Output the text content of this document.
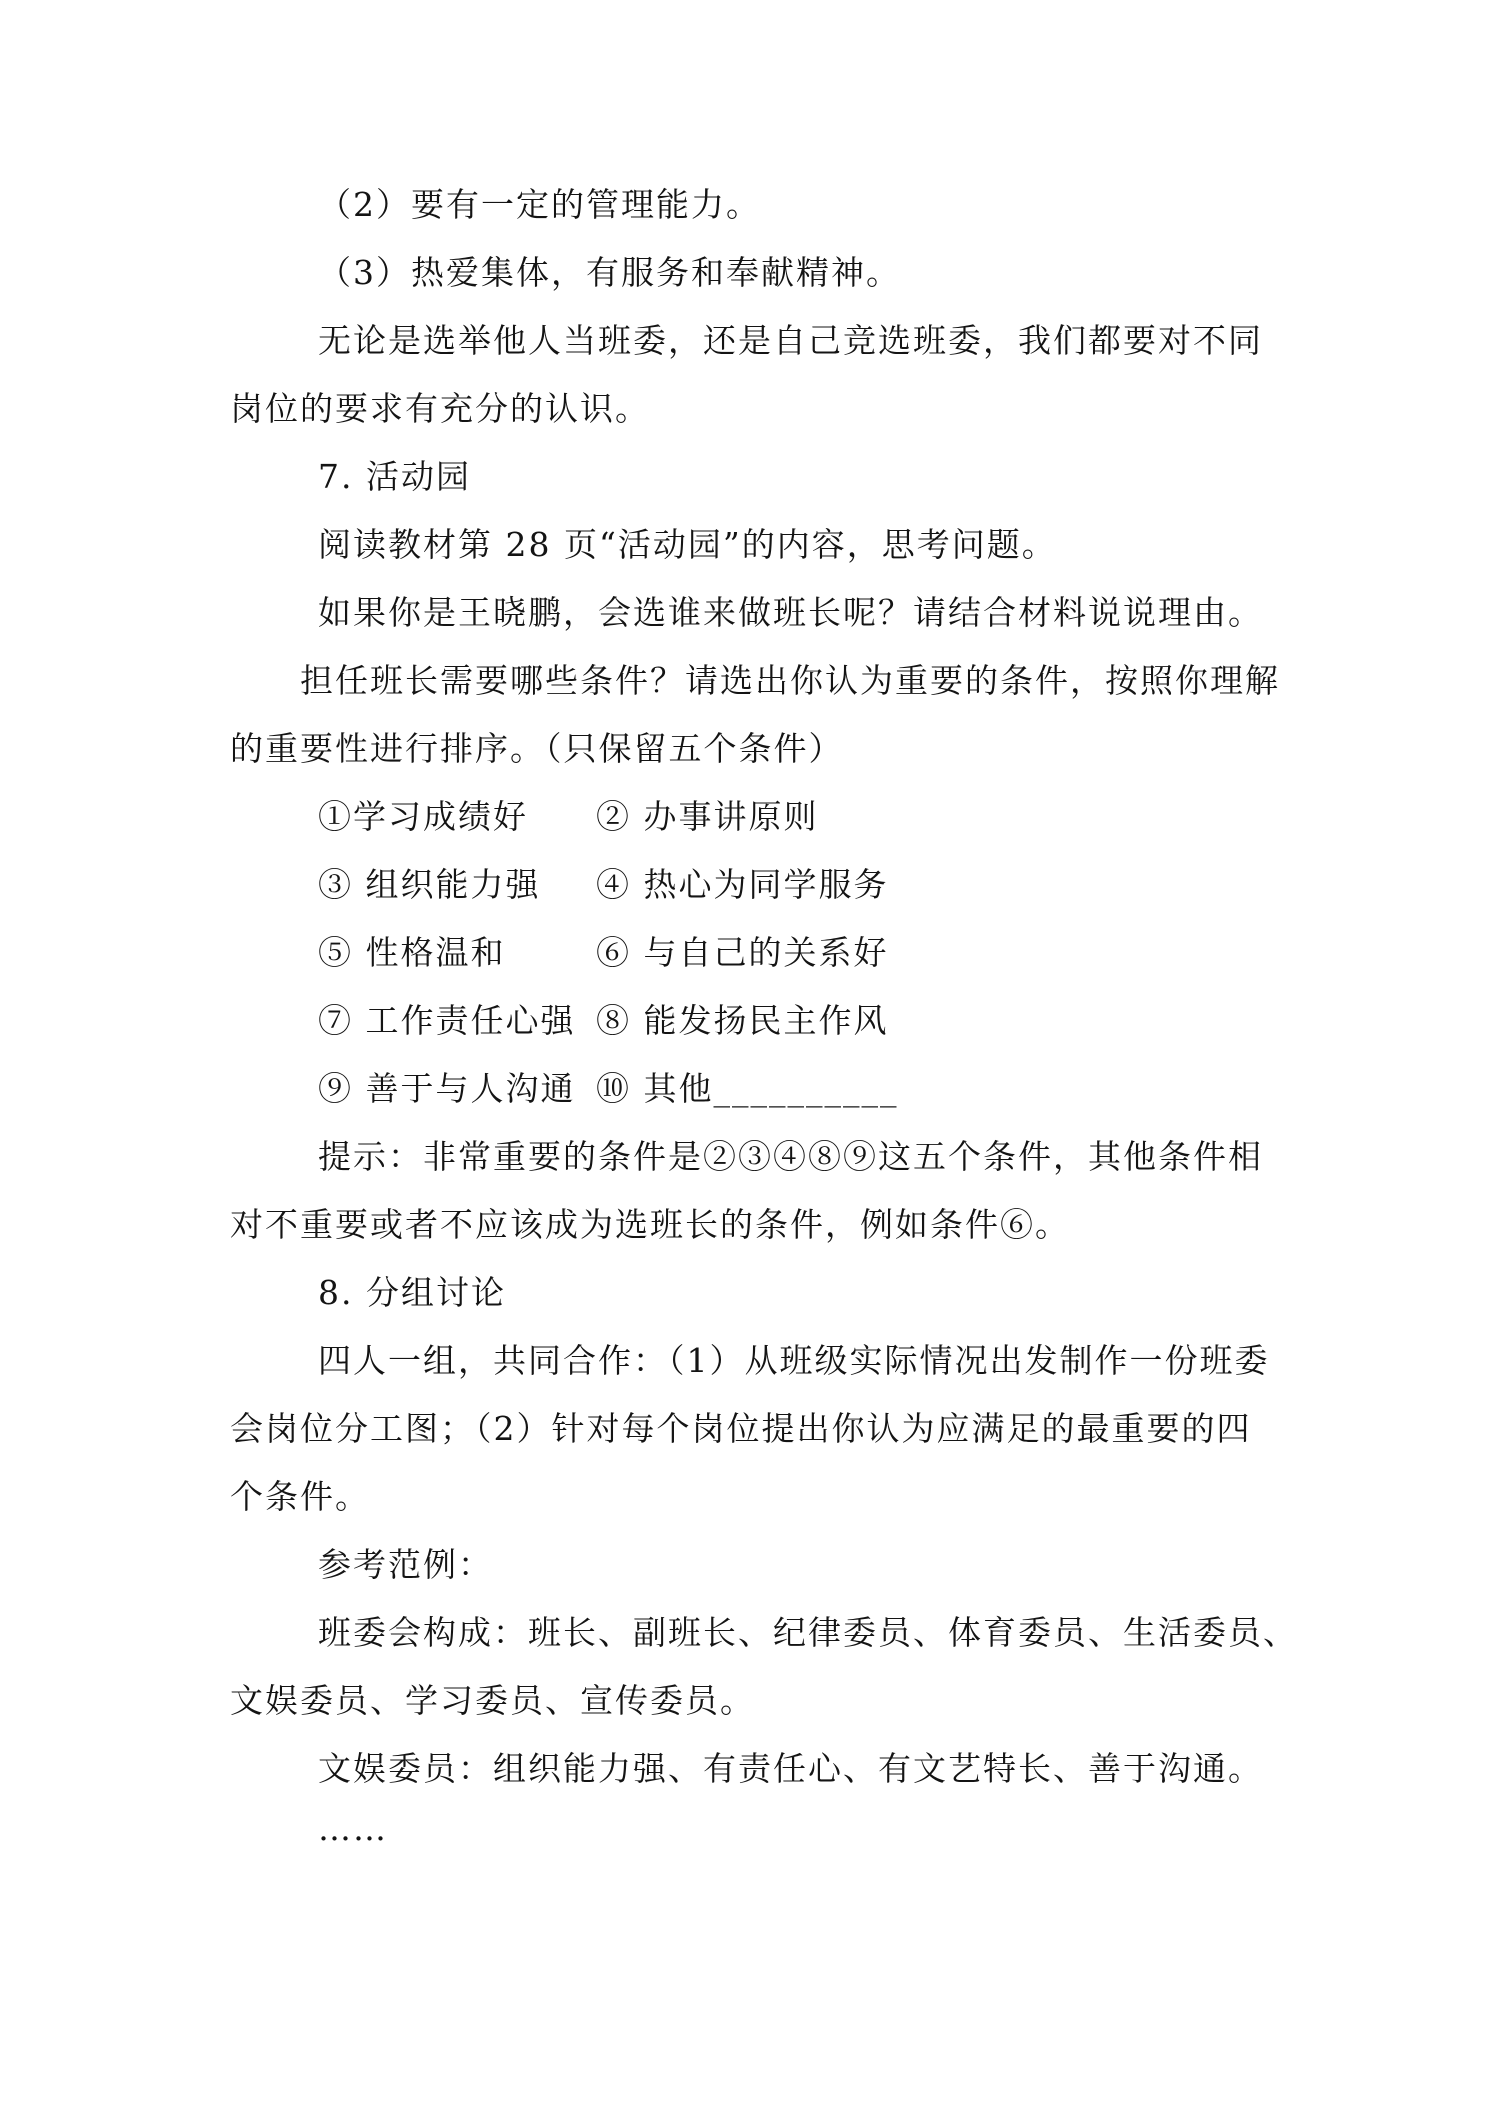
（2）要有一定的管理能力。
（3）热爱集体，有服务和奉献精神。
无论是选举他人当班委，还是自己竞选班委，我们都要对不同
岗位的要求有充分的认识。
7. 活动园
阅读教材第 28 页“活动园”的内容，思考问题。
如果你是王晓鹏，会选谁来做班长呢？请结合材料说说理由。
担任班长需要哪些条件？请选出你认为重要的条件，按照你理解
的重要性进行排序。（只保留五个条件）
①学习成绩好 ② 办事讲原则
③ 组织能力强 ④ 热心为同学服务
⑤ 性格温和	⑥ 与自己的关系好
⑦ 工作责任心强 ⑧ 能发扬民主作风
⑨ 善于与人沟通 ⑩ 其他__________
提示：非常重要的条件是②③④⑧⑨这五个条件，其他条件相
对不重要或者不应该成为选班长的条件，例如条件⑥。
8. 分组讨论
四人一组，共同合作：（1）从班级实际情况出发制作一份班委
会岗位分工图；（2）针对每个岗位提出你认为应满足的最重要的四
个条件。
参考范例：
班委会构成：班长、副班长、纪律委员、体育委员、生活委员、
文娱委员、学习委员、宣传委员。
文娱委员：组织能力强、有责任心、有文艺特长、善于沟通。
……
